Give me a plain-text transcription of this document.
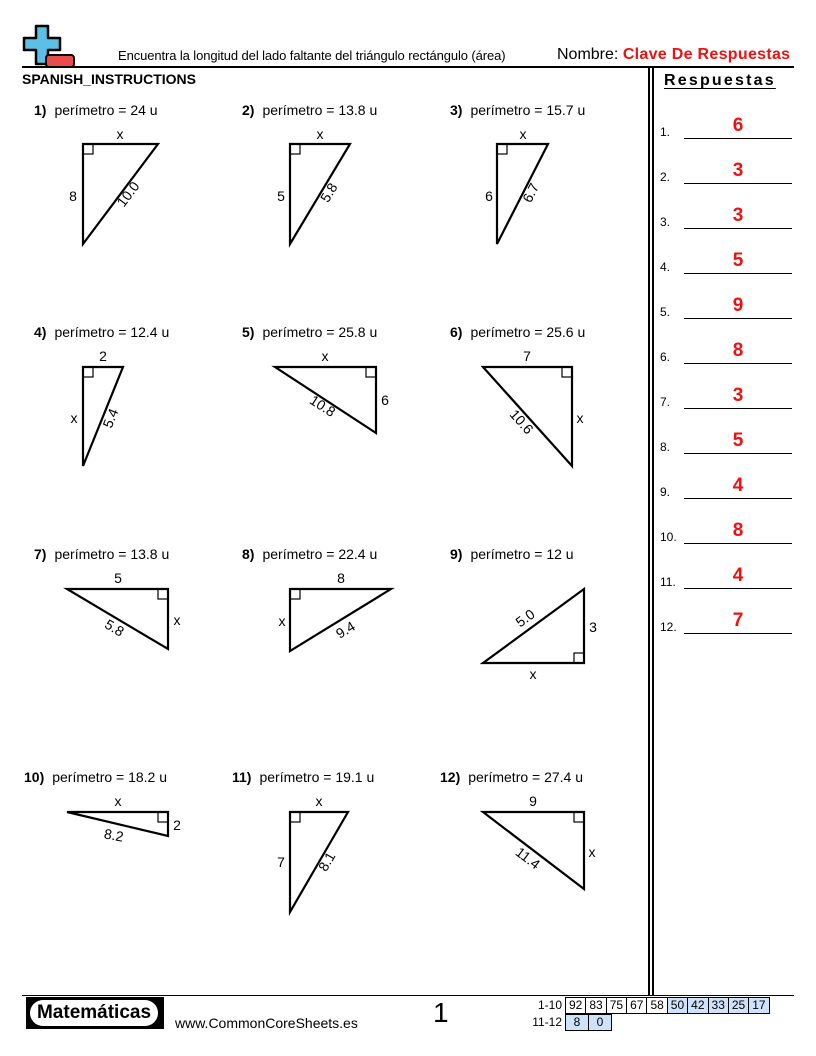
Encuentra la longitud del lado faltante del triángulo rectángulo (área)	Nombre: Clave De Respuestas
SPANISH_INSTRUCTIONS
1) perímetro = 24 u
x
8	10.0
2) perímetro = 13.8 u
x
5 5.8
3) perímetro = 15.7 u
x
6 6.7
4) perímetro = 12.4 u
2
x 5.4
5) perímetro = 25.8 u
x
6
10.8
6) perímetro = 25.6 u
7
x
10.6
7) perímetro = 13.8 u
5
x
5.8
8) perímetro = 22.4 u
8
x	9.4
9) perímetro = 12 u
x
3
5.0
10) perímetro = 18.2 u
x
2
8.2
11) perímetro = 19.1 u
x
7 8.1
12) perímetro = 27.4 u
9
x
11.4
Respuestas
1.	6
2.	3
3.	3
4.	5
5.	9
6.	8
7.	3
8.	5
9.	4
10.	8
11.	4
12.	7
Matemáticas	www.CommonCoreSheets.es	1	1-10 92	83	75	67	58	50	42	33	25	17
11-12 8	0
